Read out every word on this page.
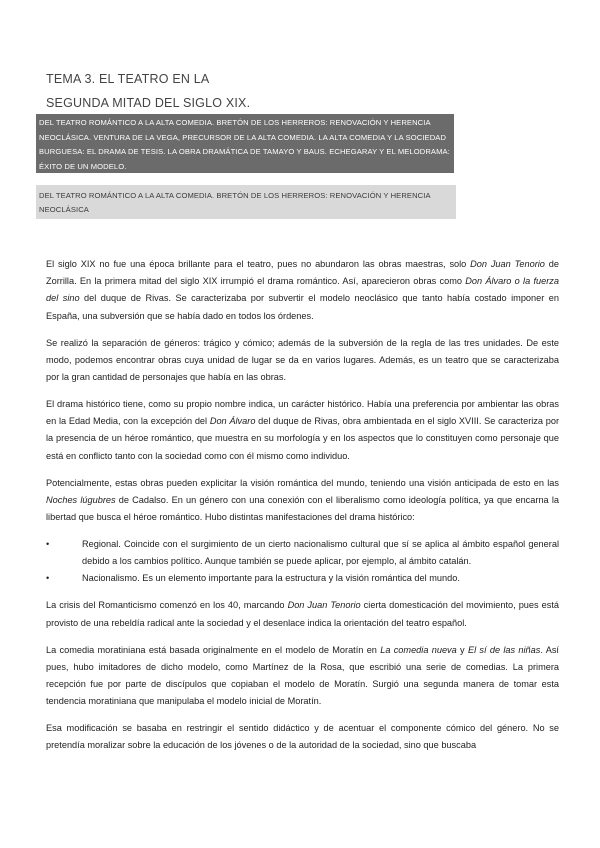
TEMA 3. EL TEATRO EN LA
SEGUNDA MITAD DEL SIGLO XIX.
DEL TEATRO ROMÁNTICO A LA ALTA COMEDIA. BRETÓN DE LOS HERREROS: RENOVACIÓN Y HERENCIA NEOCLÁSICA. VENTURA DE LA VEGA, PRECURSOR DE LA ALTA COMEDIA. LA ALTA COMEDIA Y LA SOCIEDAD BURGUESA: EL DRAMA DE TESIS. LA OBRA DRAMÁTICA DE TAMAYO Y BAUS. ECHEGARAY Y EL MELODRAMA: ÉXITO DE UN MODELO.
DEL TEATRO ROMÁNTICO A LA ALTA COMEDIA. BRETÓN DE LOS HERREROS: RENOVACIÓN Y HERENCIA NEOCLÁSICA

El siglo XIX no fue una época brillante para el teatro, pues no abundaron las obras maestras, solo Don Juan Tenorio de Zorrilla. En la primera mitad del siglo XIX irrumpió el drama romántico. Así, aparecieron obras como Don Álvaro o la fuerza del sino del duque de Rivas. Se caracterizaba por subvertir el modelo neoclásico que tanto había costado imponer en España, una subversión que se había dado en todos los órdenes.

Se realizó la separación de géneros: trágico y cómico; además de la subversión de la regla de las tres unidades. De este modo, podemos encontrar obras cuya unidad de lugar se da en varios lugares. Además, es un teatro que se caracterizaba por la gran cantidad de personajes que había en las obras.

El drama histórico tiene, como su propio nombre indica, un carácter histórico. Había una preferencia por ambientar las obras en la Edad Media, con la excepción del Don Álvaro del duque de Rivas, obra ambientada en el siglo XVIII. Se caracteriza por la presencia de un héroe romántico, que muestra en su morfología y en los aspectos que lo constituyen como personaje que está en conflicto tanto con la sociedad como con él mismo como individuo.

Potencialmente, estas obras pueden explicitar la visión romántica del mundo, teniendo una visión anticipada de esto en las Noches lúgubres de Cadalso. En un género con una conexión con el liberalismo como ideología política, ya que encarna la libertad que busca el héroe romántico. Hubo distintas manifestaciones del drama histórico:

•	Regional. Coincide con el surgimiento de un cierto nacionalismo cultural que sí se aplica al ámbito español general debido a los cambios político. Aunque también se puede aplicar, por ejemplo, al ámbito catalán.

•	Nacionalismo. Es un elemento importante para la estructura y la visión romántica del mundo.

La crisis del Romanticismo comenzó en los 40, marcando Don Juan Tenorio cierta domesticación del movimiento, pues está provisto de una rebeldía radical ante la sociedad y el desenlace indica la orientación del teatro español.

La comedia moratiniana está basada originalmente en el modelo de Moratín en La comedia nueva y El sí de las niñas. Así pues, hubo imitadores de dicho modelo, como Martínez de la Rosa, que escribió una serie de comedias. La primera recepción fue por parte de discípulos que copiaban el modelo de Moratín. Surgió una segunda manera de tomar esta tendencia moratiniana que manipulaba el modelo inicial de Moratín.

Esa modificación se basaba en restringir el sentido didáctico y de acentuar el componente cómico del género. No se pretendía moralizar sobre la educación de los jóvenes o de la autoridad de la sociedad, sino que buscaba
